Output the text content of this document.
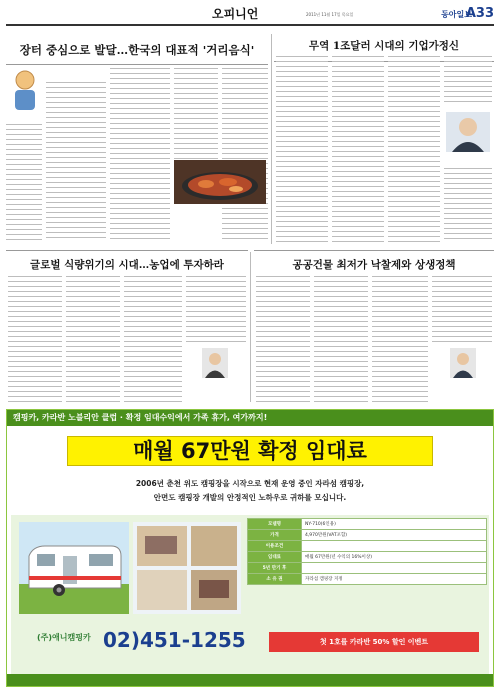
오피니언	2011년 11월 17일 목요일	동아일보
A33
장터 중심으로 발달…한국의 대표적 '거리음식'	무역 1조달러 시대의 기업가정신
글로벌 식량위기의 시대…농업에 투자하라	공공건물 최저가 낙찰제와 상생정책
캠핑카, 카라반 노블리안 클럽 · 확정 임대수익에서 가족 휴가, 여가까지!
매월 67만원 확정 임대료
2006년 춘천 위도 캠핑장을 시작으로 현재 운영 중인 자라섬 캠핑장,
안면도 캠핑장 개발의 안정적인 노하우로 귀하를 모십니다.
모델명	NY-710(6인용)
가격	4,970만원(VAT포함)
이용조건	
임대료	매월 67만원(년 수익의 16%이상)
5년 만기 후	
소 유 권	자라섬 캠핑장 지정
(주)애니캠핑카 02)451-1255	첫 1호를 카라반 50% 할인 이벤트
